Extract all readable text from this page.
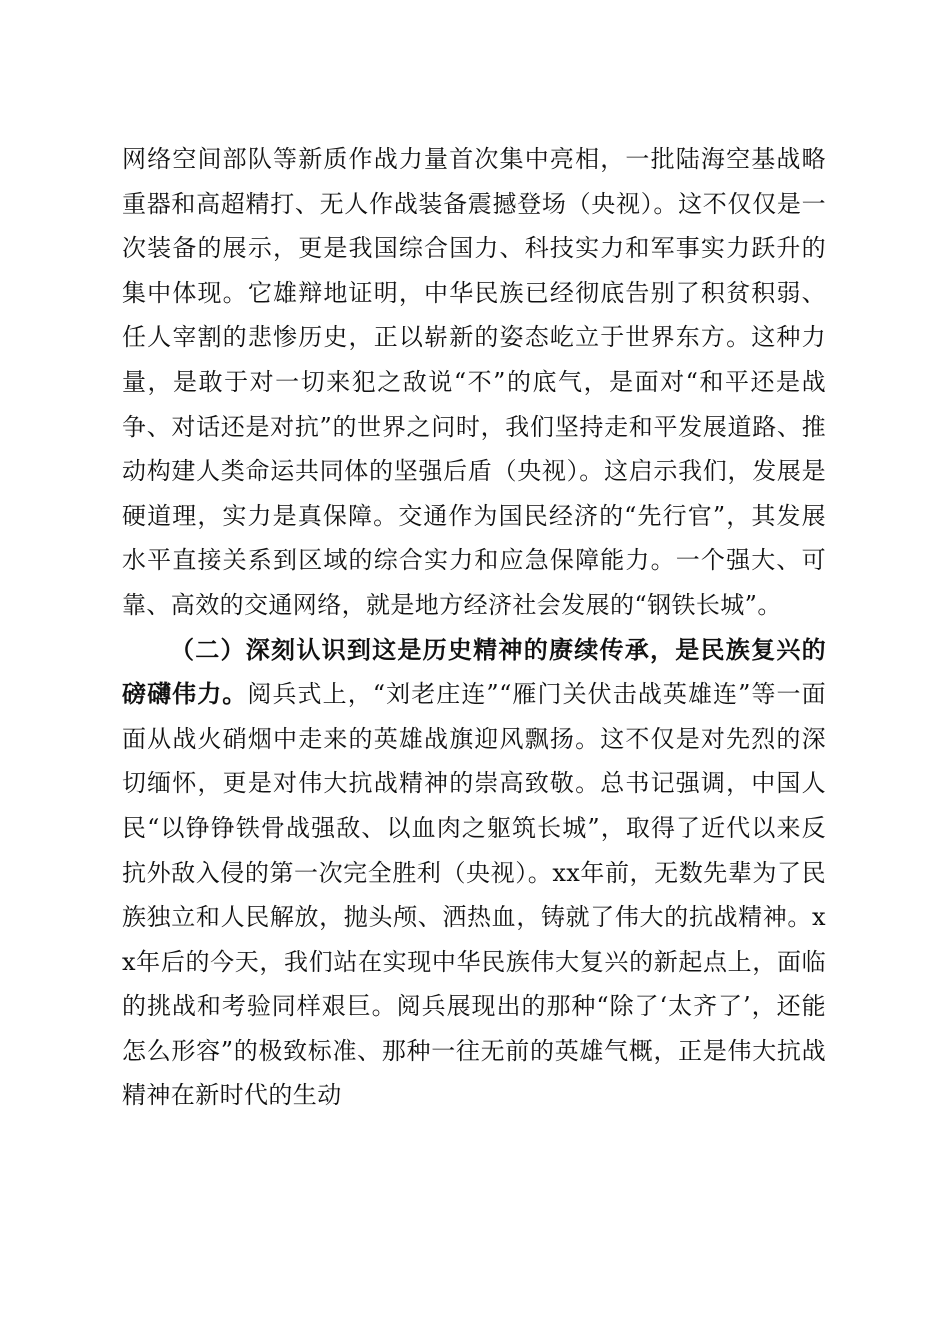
网络空间部队等新质作战力量首次集中亮相，一批陆海空基战略重器和高超精打、无人作战装备震撼登场（央视）。这不仅仅是一次装备的展示，更是我国综合国力、科技实力和军事实力跃升的集中体现。它雄辩地证明，中华民族已经彻底告别了积贫积弱、任人宰割的悲惨历史，正以崭新的姿态屹立于世界东方。这种力量，是敢于对一切来犯之敌说“不”的底气，是面对“和平还是战争、对话还是对抗”的世界之问时，我们坚持走和平发展道路、推动构建人类命运共同体的坚强后盾（央视）。这启示我们，发展是硬道理，实力是真保障。交通作为国民经济的“先行官”，其发展水平直接关系到区域的综合实力和应急保障能力。一个强大、可靠、高效的交通网络，就是地方经济社会发展的“钢铁长城”。

（二）深刻认识到这是历史精神的赓续传承，是民族复兴的磅礴伟力。阅兵式上，“刘老庄连”“雁门关伏击战英雄连”等一面面从战火硝烟中走来的英雄战旗迎风飘扬。这不仅是对先烈的深切缅怀，更是对伟大抗战精神的崇高致敬。总书记强调，中国人民“以铮铮铁骨战强敌、以血肉之躯筑长城”，取得了近代以来反抗外敌入侵的第一次完全胜利（央视）。xx年前，无数先辈为了民族独立和人民解放，抛头颅、洒热血，铸就了伟大的抗战精神。xx年后的今天，我们站在实现中华民族伟大复兴的新起点上，面临的挑战和考验同样艰巨。阅兵展现出的那种“除了‘太齐了’，还能怎么形容”的极致标准、那种一往无前的英雄气概，正是伟大抗战精神在新时代的生动
